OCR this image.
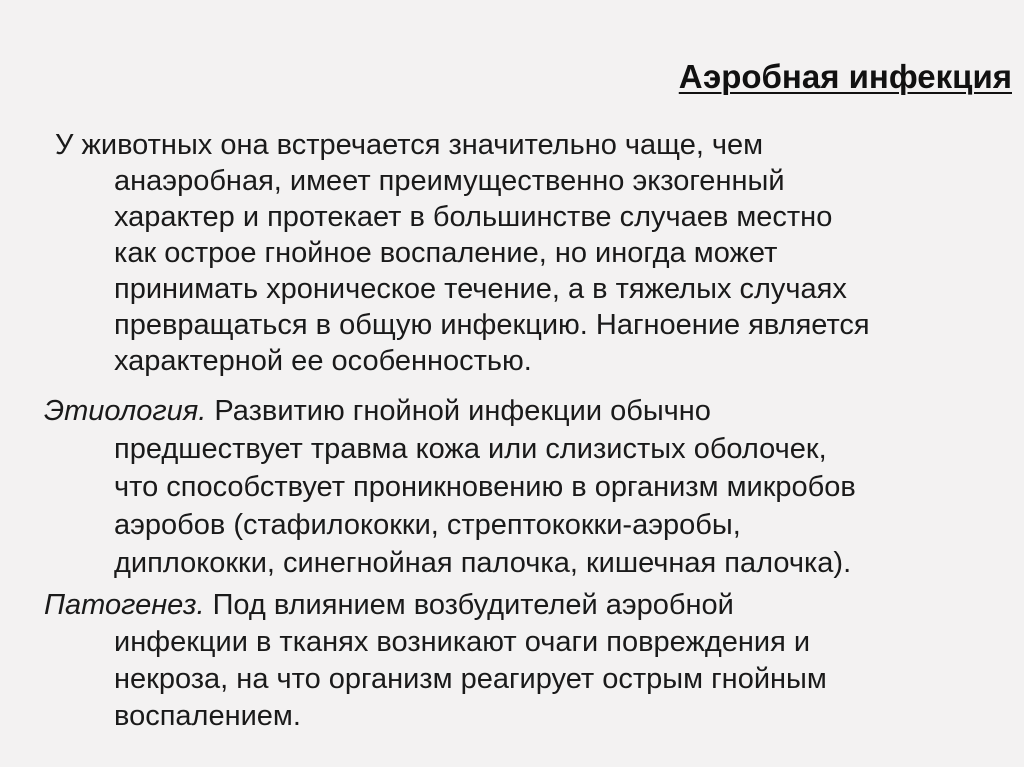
Аэробная инфекция
У животных она встречается значительно чаще, чем
анаэробная, имеет преимущественно экзогенный
характер и протекает в большинстве случаев местно
как острое гнойное воспаление, но иногда может
принимать хроническое течение, а в тяжелых случаях
превращаться в общую инфекцию. Нагноение является
характерной ее особенностью.
Этиология. Развитию гнойной инфекции обычно
предшествует травма кожа или слизистых оболочек,
что способствует проникновению в организм микробов
аэробов (стафилококки, стрептококки-аэробы,
диплококки, синегнойная палочка, кишечная палочка).
Патогенез. Под влиянием возбудителей аэробной
инфекции в тканях возникают очаги повреждения и
некроза, на что организм реагирует острым гнойным
воспалением.
